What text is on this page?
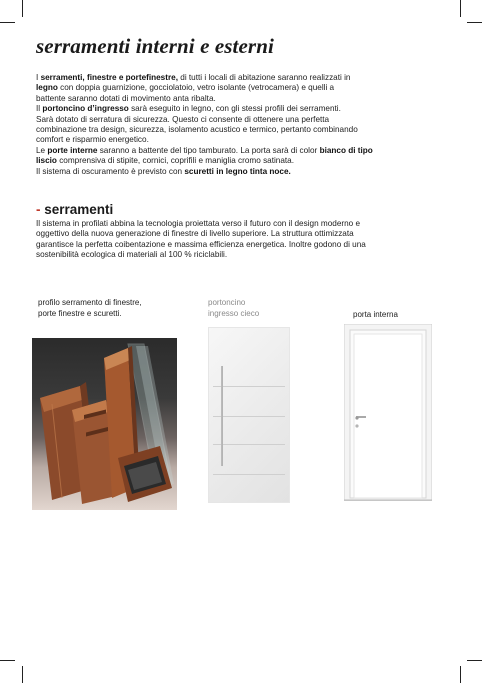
serramenti interni e esterni

I serramenti, finestre e portefinestre, di tutti i locali di abitazione saranno realizzati in

legno con doppia guarnizione, gocciolatoio, vetro isolante (vetrocamera) e quelli a

battente saranno dotati di movimento anta ribalta.

Il portoncino d’ingresso sarà eseguito in legno, con gli stessi profili dei serramenti.

Sarà dotato di serratura di sicurezza. Questo ci consente di ottenere una perfetta

combinazione tra design, sicurezza, isolamento acustico e termico, pertanto combinando

comfort e risparmio energetico.

Le porte interne saranno a battente del tipo tamburato. La porta sarà di color bianco di tipo

liscio comprensiva di stipite, cornici, coprifili e maniglia cromo satinata.

Il sistema di oscuramento è previsto con scuretti in legno tinta noce.

- serramenti

Il sistema in profilati abbina la tecnologia proiettata verso il futuro con il design moderno e

oggettivo della nuova generazione di finestre di livello superiore. La struttura ottimizzata

garantisce la perfetta coibentazione e massima efficienza energetica. Inoltre godono di una

sostenibilità ecologica di materiali al 100 % riciclabili.

profilo serramento di finestre,
porte finestre e scuretti.
portoncino
ingresso cieco	porta interna
